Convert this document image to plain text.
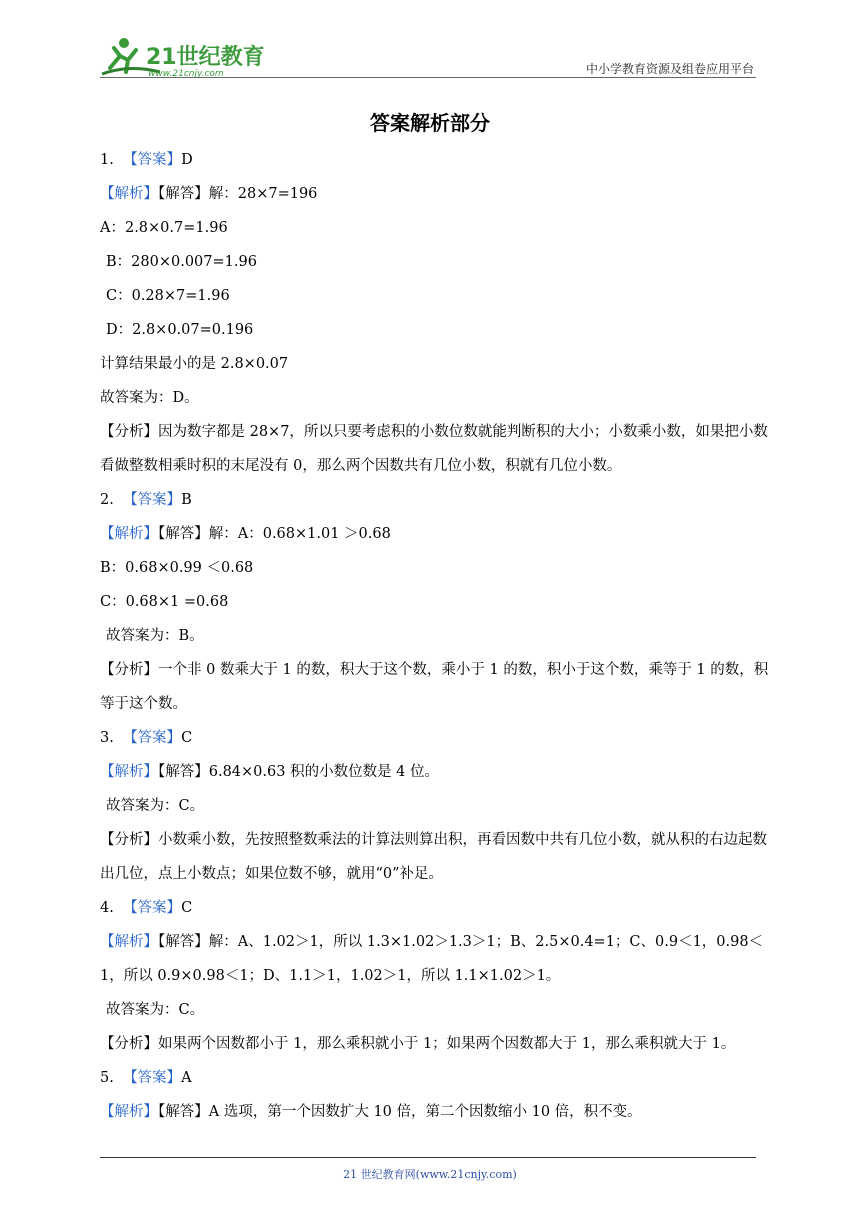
21世纪教育
www.21cnjy.com	中小学教育资源及组卷应用平台
答案解析部分
1. 【答案】D
【解析】【解答】解：28×7=196
A：2.8×0.7=1.96
B：280×0.007=1.96
C：0.28×7=1.96
D：2.8×0.07=0.196
计算结果最小的是 2.8×0.07
故答案为：D。
【分析】因为数字都是 28×7，所以只要考虑积的小数位数就能判断积的大小；小数乘小数，如果把小数看做整数相乘时积的末尾没有 0，那么两个因数共有几位小数，积就有几位小数。
2. 【答案】B
【解析】【解答】解：A：0.68×1.01 ＞0.68
B：0.68×0.99 ＜0.68
C：0.68×1 =0.68
故答案为：B。
【分析】一个非 0 数乘大于 1 的数，积大于这个数，乘小于 1 的数，积小于这个数，乘等于 1 的数，积等于这个数。
3. 【答案】C
【解析】【解答】6.84×0.63 积的小数位数是 4 位。
故答案为：C。
【分析】小数乘小数，先按照整数乘法的计算法则算出积，再看因数中共有几位小数，就从积的右边起数出几位，点上小数点；如果位数不够，就用“0”补足。
4. 【答案】C
【解析】【解答】解：A、1.02＞1，所以 1.3×1.02＞1.3＞1；B、2.5×0.4=1；C、0.9＜1，0.98＜1，所以 0.9×0.98＜1；D、1.1＞1，1.02＞1，所以 1.1×1.02＞1。
故答案为：C。
【分析】如果两个因数都小于 1，那么乘积就小于 1；如果两个因数都大于 1，那么乘积就大于 1。
5. 【答案】A
【解析】【解答】A 选项，第一个因数扩大 10 倍，第二个因数缩小 10 倍，积不变。
21 世纪教育网(www.21cnjy.com)
